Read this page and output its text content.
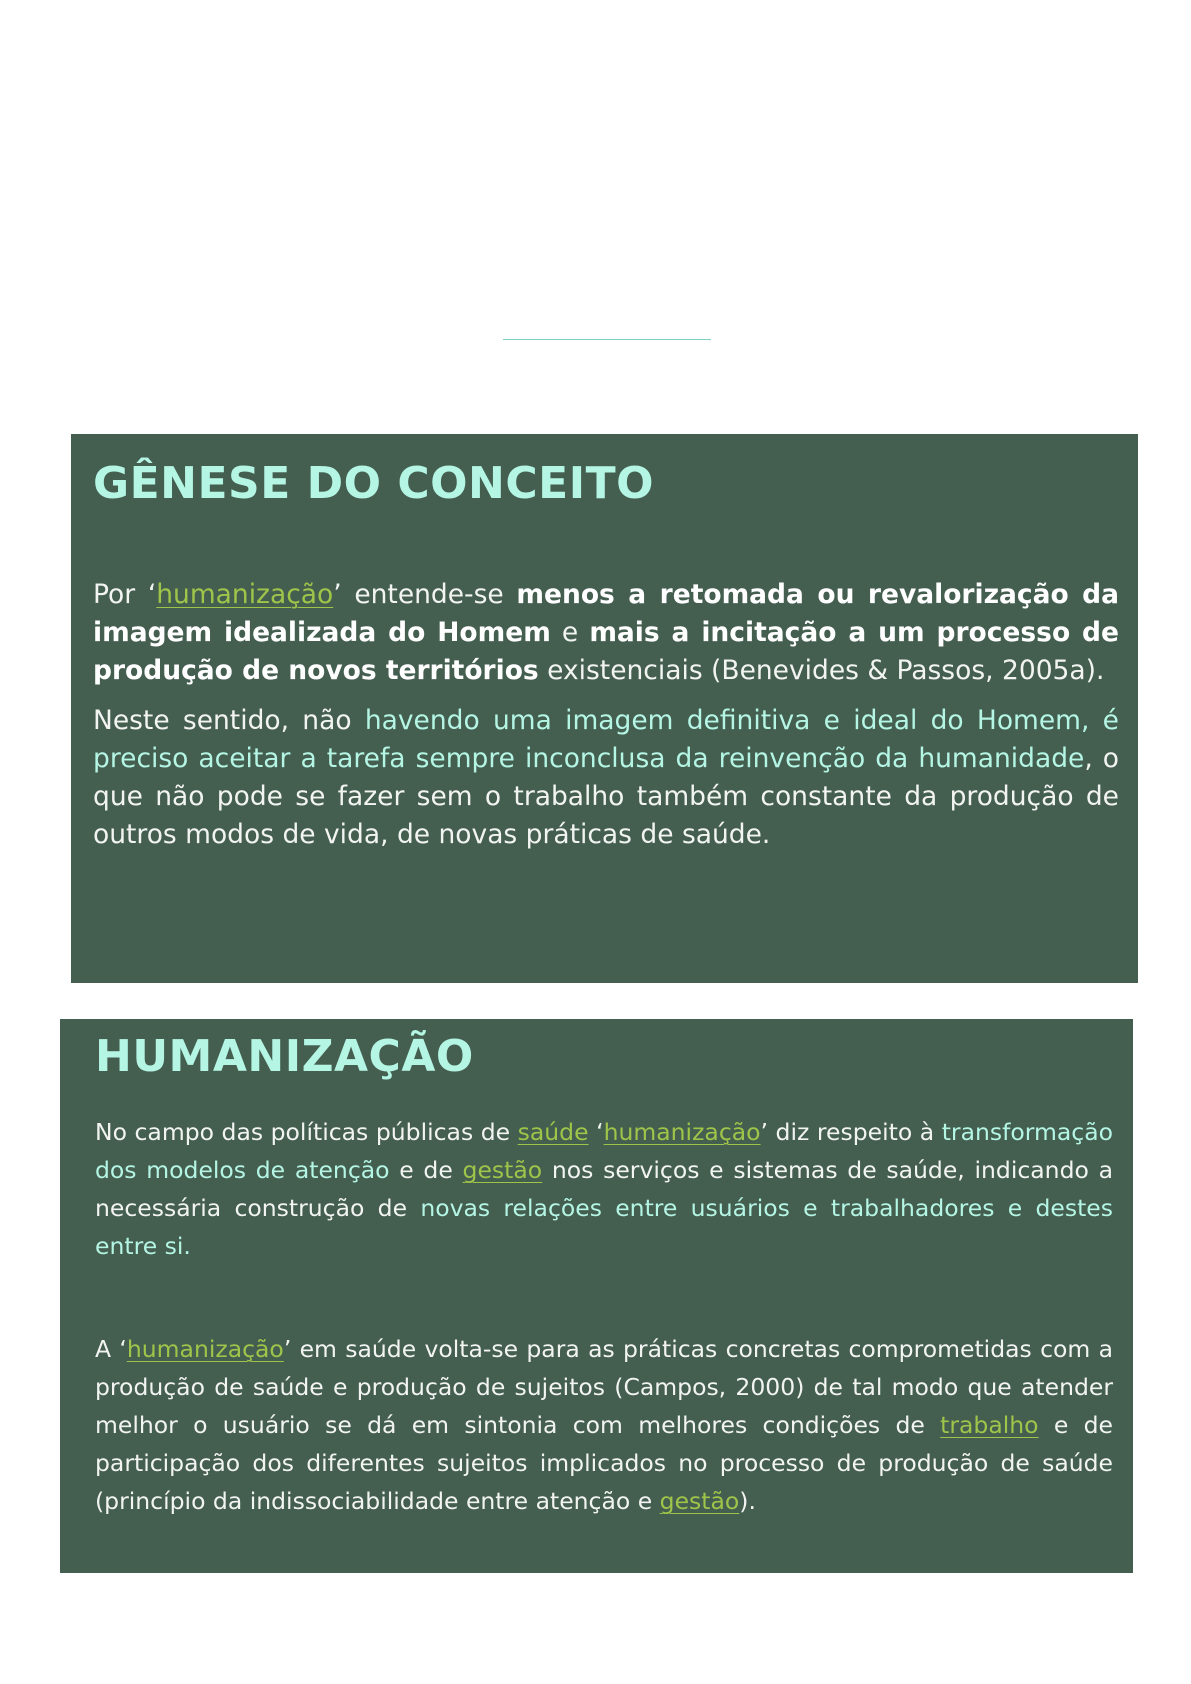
GÊNESE DO CONCEITO

Por ‘humanização’ entende-se menos a retomada ou revalorização da imagem idealizada do Homem e mais a incitação a um processo de produção de novos territórios existenciais (Benevides & Passos, 2005a).

Neste sentido, não havendo uma imagem definitiva e ideal do Homem, é preciso aceitar a tarefa sempre inconclusa da reinvenção da humanidade, o que não pode se fazer sem o trabalho também constante da produção de outros modos de vida, de novas práticas de saúde.

HUMANIZAÇÃO

No campo das políticas públicas de saúde ‘humanização’ diz respeito à transformação dos modelos de atenção e de gestão nos serviços e sistemas de saúde, indicando a necessária construção de novas relações entre usuários e trabalhadores e destes entre si.

A ‘humanização’ em saúde volta-se para as práticas concretas comprometidas com a produção de saúde e produção de sujeitos (Campos, 2000) de tal modo que atender melhor o usuário se dá em sintonia com melhores condições de trabalho e de participação dos diferentes sujeitos implicados no processo de produção de saúde (princípio da indissociabilidade entre atenção e gestão).
